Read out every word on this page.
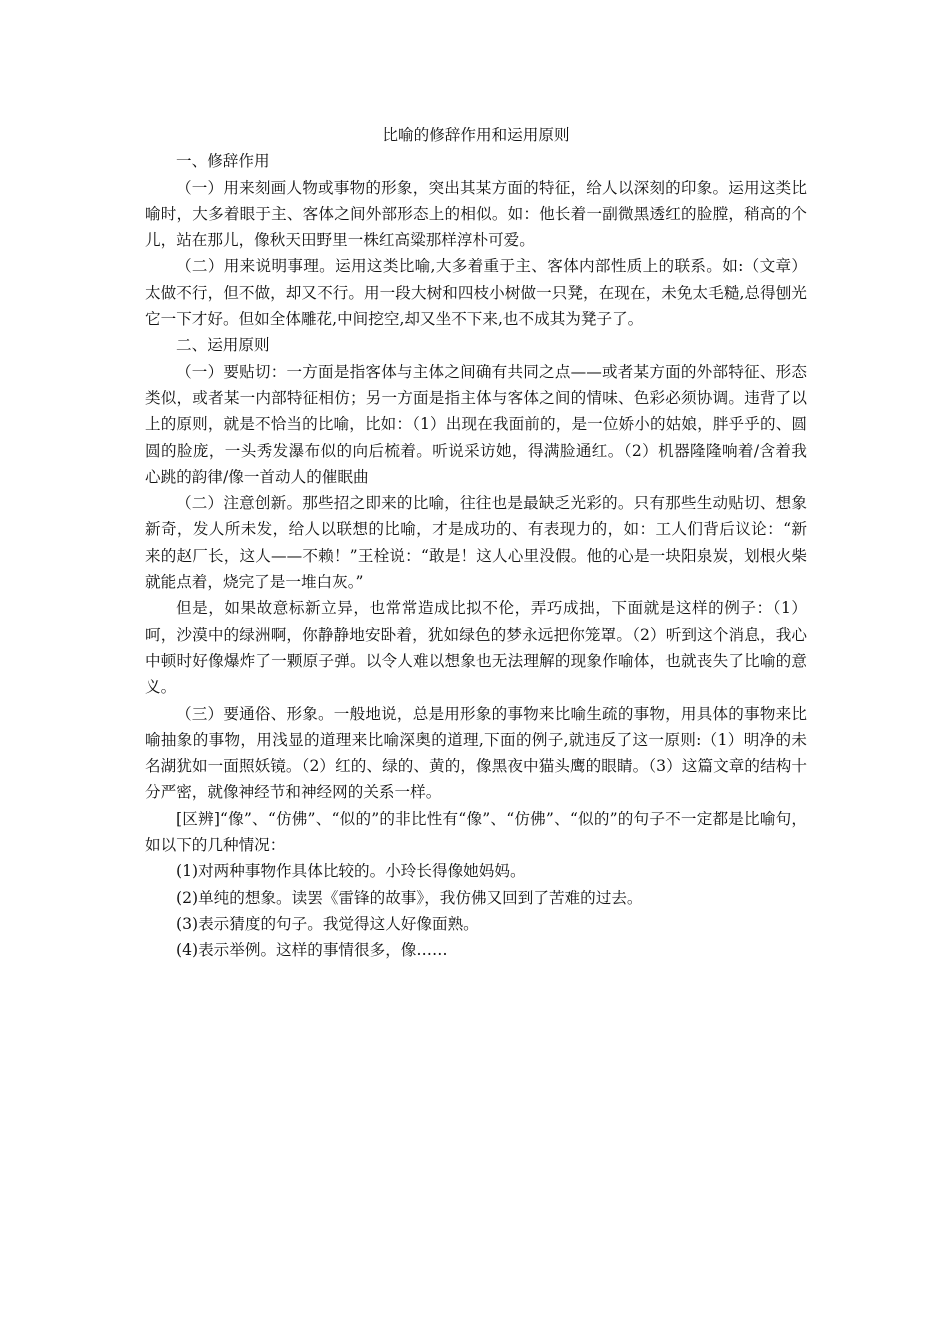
比喻的修辞作用和运用原则

一、修辞作用

（一）用来刻画人物或事物的形象，突出其某方面的特征，给人以深刻的印象。运用这类比喻时，大多着眼于主、客体之间外部形态上的相似。如：他长着一副微黑透红的脸膛，稍高的个儿，站在那儿，像秋天田野里一株红高粱那样淳朴可爱。

（二）用来说明事理。运用这类比喻,大多着重于主、客体内部性质上的联系。如:（文章）太做不行，但不做，却又不行。用一段大树和四枝小树做一只凳，在现在，未免太毛糙,总得刨光它一下才好。但如全体雕花,中间挖空,却又坐不下来,也不成其为凳子了。

二、运用原则

（一）要贴切：一方面是指客体与主体之间确有共同之点——或者某方面的外部特征、形态类似，或者某一内部特征相仿；另一方面是指主体与客体之间的情味、色彩必须协调。违背了以上的原则，就是不恰当的比喻，比如：（1）出现在我面前的，是一位娇小的姑娘，胖乎乎的、圆圆的脸庞，一头秀发瀑布似的向后梳着。听说采访她，得满脸通红。（2）机器隆隆响着/含着我心跳的韵律/像一首动人的催眠曲

（二）注意创新。那些招之即来的比喻，往往也是最缺乏光彩的。只有那些生动贴切、想象新奇，发人所未发，给人以联想的比喻，才是成功的、有表现力的，如：工人们背后议论：“新来的赵厂长，这人——不赖！”王栓说：“敢是！这人心里没假。他的心是一块阳泉炭，划根火柴就能点着，烧完了是一堆白灰。”

但是，如果故意标新立异，也常常造成比拟不伦，弄巧成拙，下面就是这样的例子：（1）呵，沙漠中的绿洲啊，你静静地安卧着，犹如绿色的梦永远把你笼罩。（2）听到这个消息，我心中顿时好像爆炸了一颗原子弹。以令人难以想象也无法理解的现象作喻体，也就丧失了比喻的意义。

（三）要通俗、形象。一般地说，总是用形象的事物来比喻生疏的事物，用具体的事物来比喻抽象的事物，用浅显的道理来比喻深奥的道理,下面的例子,就违反了这一原则:（1）明净的未名湖犹如一面照妖镜。（2）红的、绿的、黄的，像黑夜中猫头鹰的眼睛。（3）这篇文章的结构十分严密，就像神经节和神经网的关系一样。

[区辨]“像”、“仿佛”、“似的”的非比性有“像”、“仿佛”、“似的”的句子不一定都是比喻句，如以下的几种情况：

(1)对两种事物作具体比较的。小玲长得像她妈妈。

(2)单纯的想象。读罢《雷锋的故事》，我仿佛又回到了苦难的过去。

(3)表示猜度的句子。我觉得这人好像面熟。

(4)表示举例。这样的事情很多，像……
